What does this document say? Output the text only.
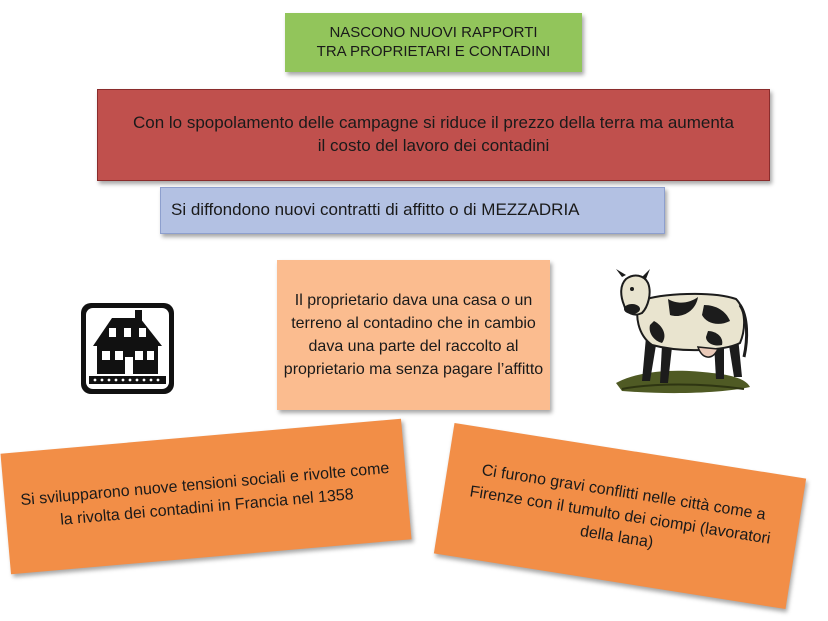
NASCONO NUOVI RAPPORTI
TRA PROPRIETARI E CONTADINI
Con lo spopolamento delle campagne si riduce il prezzo della terra ma aumenta il costo del lavoro dei contadini
Si diffondono nuovi contratti di affitto o di MEZZADRIA
Il proprietario dava una casa o un terreno al contadino che in cambio dava una parte del raccolto al proprietario ma senza pagare l’affitto
Si svilupparono nuove tensioni sociali e rivolte come la rivolta dei contadini in Francia nel 1358	Ci furono gravi conflitti nelle città come a Firenze con il tumulto dei ciompi (lavoratori della lana)
